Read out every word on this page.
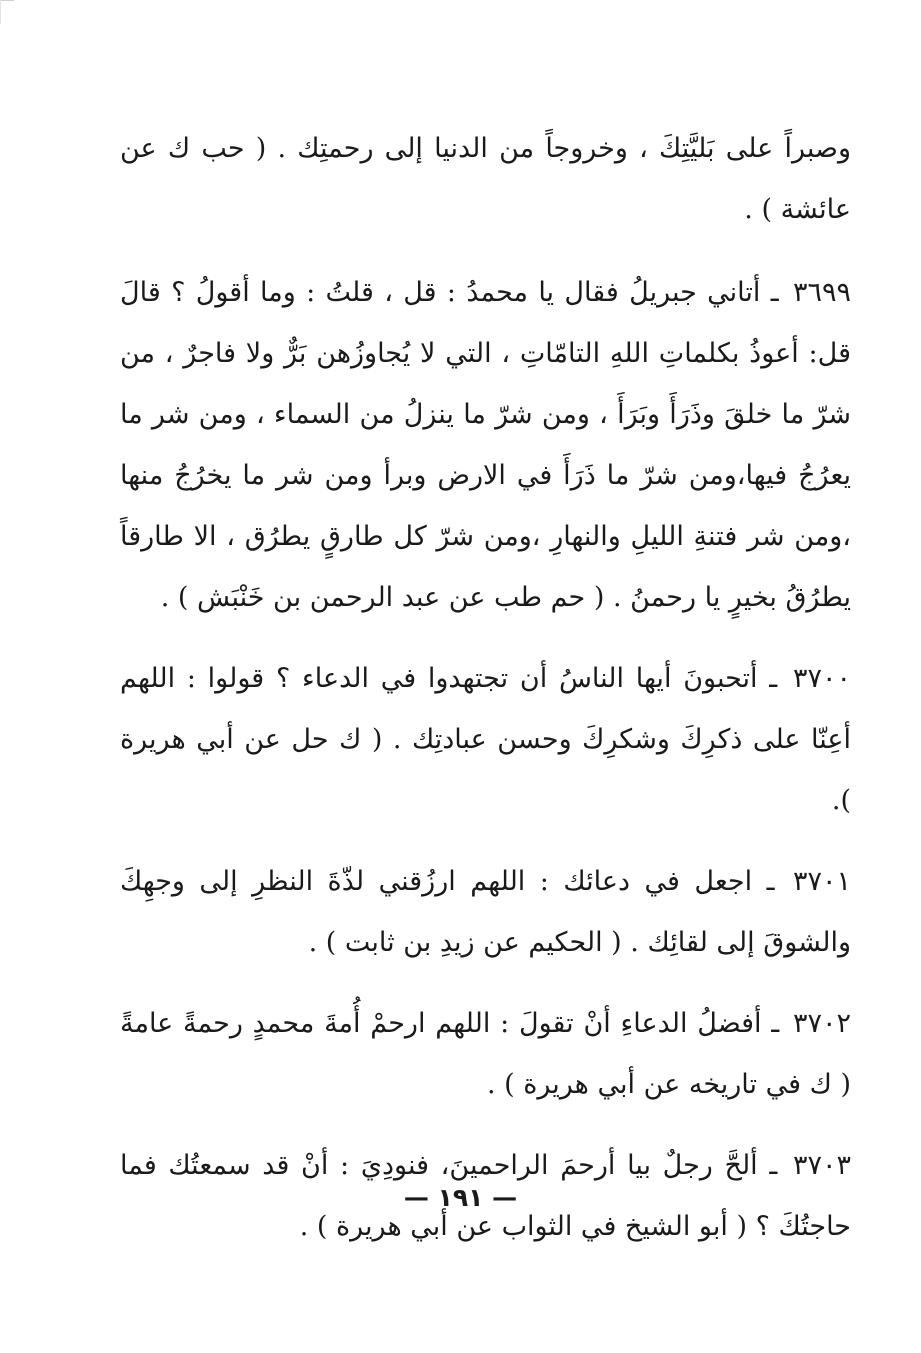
وصبراً على بَليَّتِكَ ، وخروجاً من الدنيا إلى رحمتِك . ( حب ك عن عائشة ) .

٣٦٩٩ ـ أتاني جبريلُ فقال يا محمدُ : قل ، قلتُ : وما أقولُ ؟ قالَ قل: أعوذُ بكلماتِ اللهِ التامّاتِ ، التي لا يُجاوزُهن بَرٌّ ولا فاجرٌ ، من شرّ ما خلقَ وذَرَأَ وبَرَأَ ، ومن شرّ ما ينزلُ من السماء ، ومن شر ما يعرُجُ فيها،ومن شرّ ما ذَرَأَ في الارض وبرأ ومن شر ما يخرُجُ منها ،ومن شر فتنةِ الليلِ والنهارِ ،ومن شرّ كل طارقٍ يطرُق ، الا طارقاً يطرُقُ بخيرٍ يا رحمنُ . ( حم طب عن عبد الرحمن بن خَنْبَش ) .

٣٧٠٠ ـ أتحبونَ أيها الناسُ أن تجتهدوا في الدعاء ؟ قولوا : اللهم أعِنّا على ذكرِكَ وشكرِكَ وحسن عبادتِك . ( ك حل عن أبي هريرة ).

٣٧٠١ ـ اجعل في دعائك : اللهم ارزُقني لذّةَ النظرِ إلى وجهِكَ والشوقَ إلى لقائِك . ( الحكيم عن زيدِ بن ثابت ) .

٣٧٠٢ ـ أفضلُ الدعاءِ أنْ تقولَ : اللهم ارحمْ أُمةَ محمدٍ رحمةً عامةً ( ك في تاريخه عن أبي هريرة ) .

٣٧٠٣ ـ ألحَّ رجلٌ بيا أرحمَ الراحمينَ، فنودِيَ : أنْ قد سمعتُك فما حاجتُكَ ؟ ( أبو الشيخ في الثواب عن أبي هريرة ) .

— ١٩١ —
